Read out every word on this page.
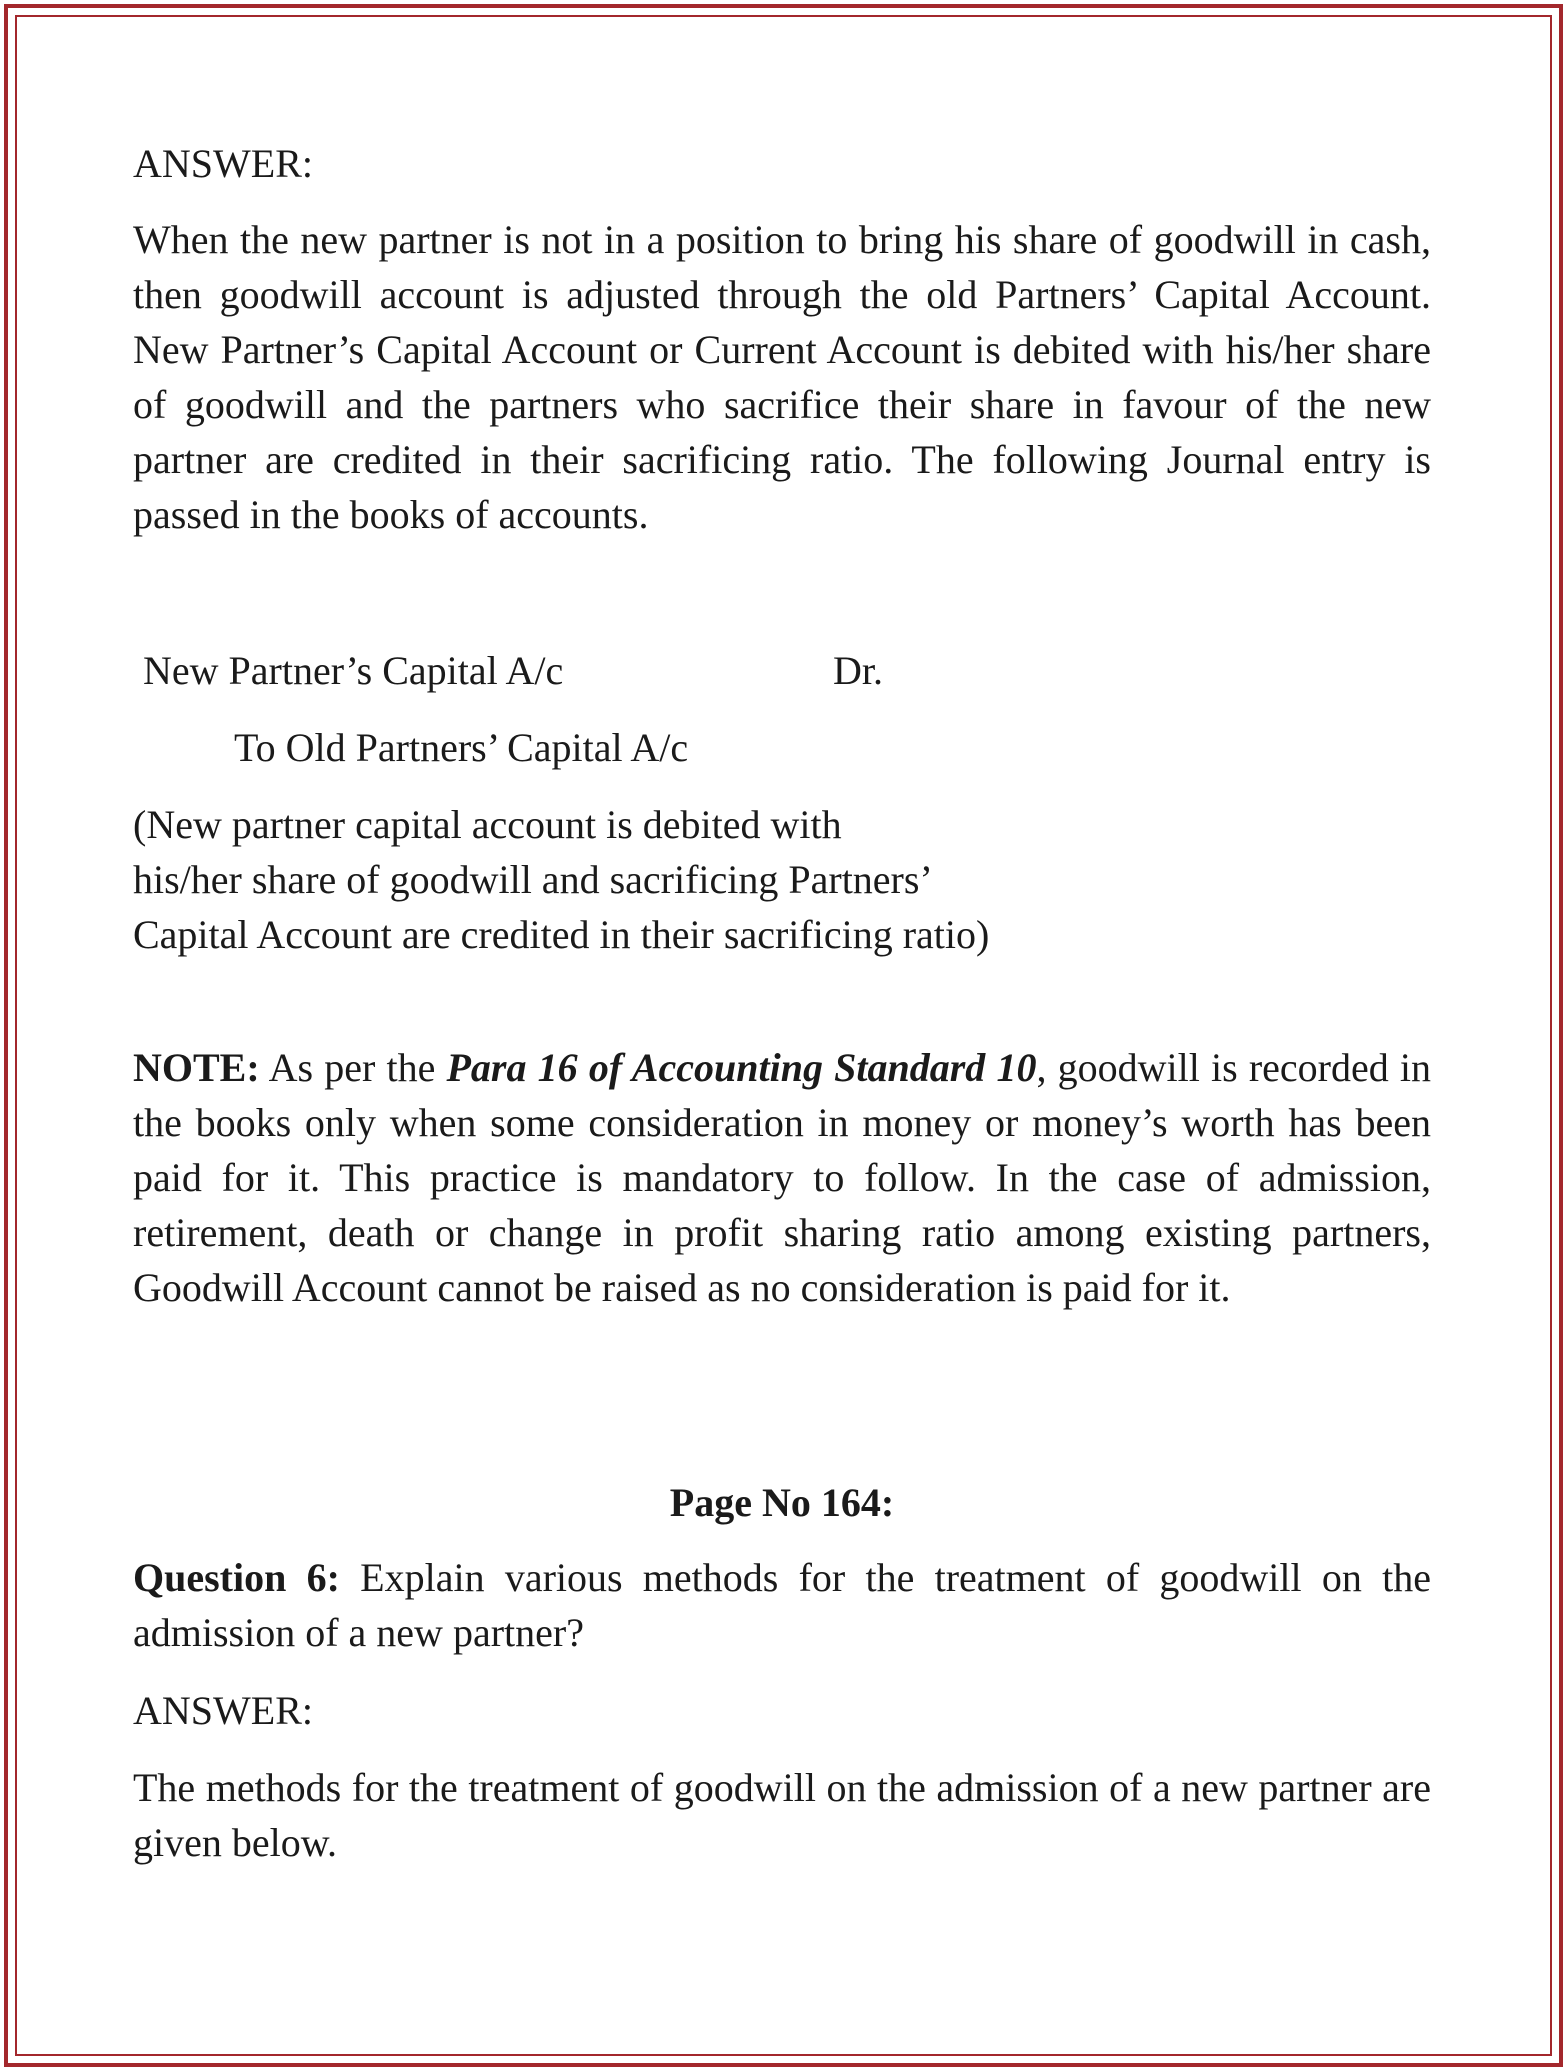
ANSWER:

When the new partner is not in a position to bring his share of goodwill in cash, then goodwill account is adjusted through the old Partners’ Capital Account. New Partner’s Capital Account or Current Account is debited with his/her share of goodwill and the partners who sacrifice their share in favour of the new partner are credited in their sacrificing ratio. The following Journal entry is passed in the books of accounts.

New Partner’s Capital A/c	Dr.
To Old Partners’ Capital A/c

(New partner capital account is debited with

his/her share of goodwill and sacrificing Partners’

Capital Account are credited in their sacrificing ratio)

NOTE: As per the Para 16 of Accounting Standard 10, goodwill is recorded in the books only when some consideration in money or money’s worth has been paid for it. This practice is mandatory to follow. In the case of admission, retirement, death or change in profit sharing ratio among existing partners, Goodwill Account cannot be raised as no consideration is paid for it.

Page No 164:

Question 6: Explain various methods for the treatment of goodwill on the admission of a new partner?

ANSWER:

The methods for the treatment of goodwill on the admission of a new partner are given below.
